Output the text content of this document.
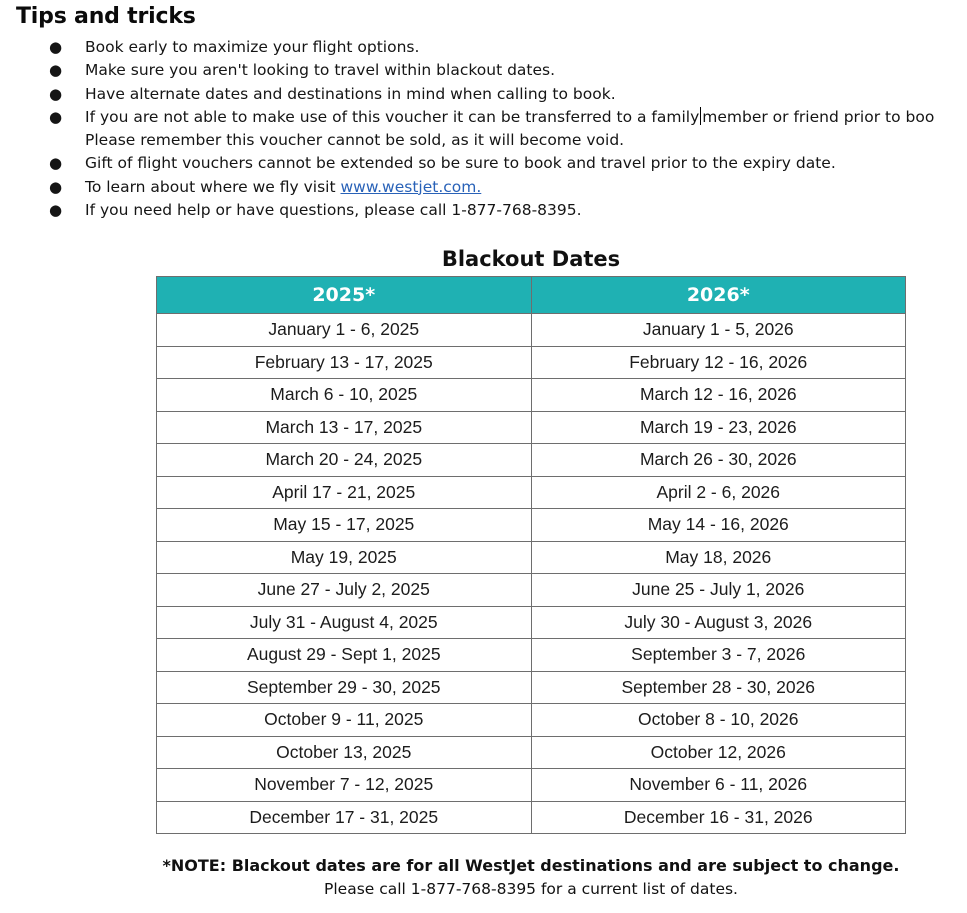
Tips and tricks
● Book early to maximize your flight options.
● Make sure you aren't looking to travel within blackout dates.
● Have alternate dates and destinations in mind when calling to book.
● If you are not able to make use of this voucher it can be transferred to a family member or friend prior to boo
Please remember this voucher cannot be sold, as it will become void.
● Gift of flight vouchers cannot be extended so be sure to book and travel prior to the expiry date.
● To learn about where we fly visit www.westjet.com.
● If you need help or have questions, please call 1-877-768-8395.
Blackout Dates
2025*	2026*
January 1 - 6, 2025	January 1 - 5, 2026
February 13 - 17, 2025	February 12 - 16, 2026
March 6 - 10, 2025	March 12 - 16, 2026
March 13 - 17, 2025	March 19 - 23, 2026
March 20 - 24, 2025	March 26 - 30, 2026
April 17 - 21, 2025	April 2 - 6, 2026
May 15 - 17, 2025	May 14 - 16, 2026
May 19, 2025	May 18, 2026
June 27 - July 2, 2025	June 25 - July 1, 2026
July 31 - August 4, 2025	July 30 - August 3, 2026
August 29 - Sept 1, 2025	September 3 - 7, 2026
September 29 - 30, 2025	September 28 - 30, 2026
October 9 - 11, 2025	October 8 - 10, 2026
October 13, 2025	October 12, 2026
November 7 - 12, 2025	November 6 - 11, 2026
December 17 - 31, 2025	December 16 - 31, 2026
*NOTE: Blackout dates are for all WestJet destinations and are subject to change.
Please call 1-877-768-8395 for a current list of dates.
